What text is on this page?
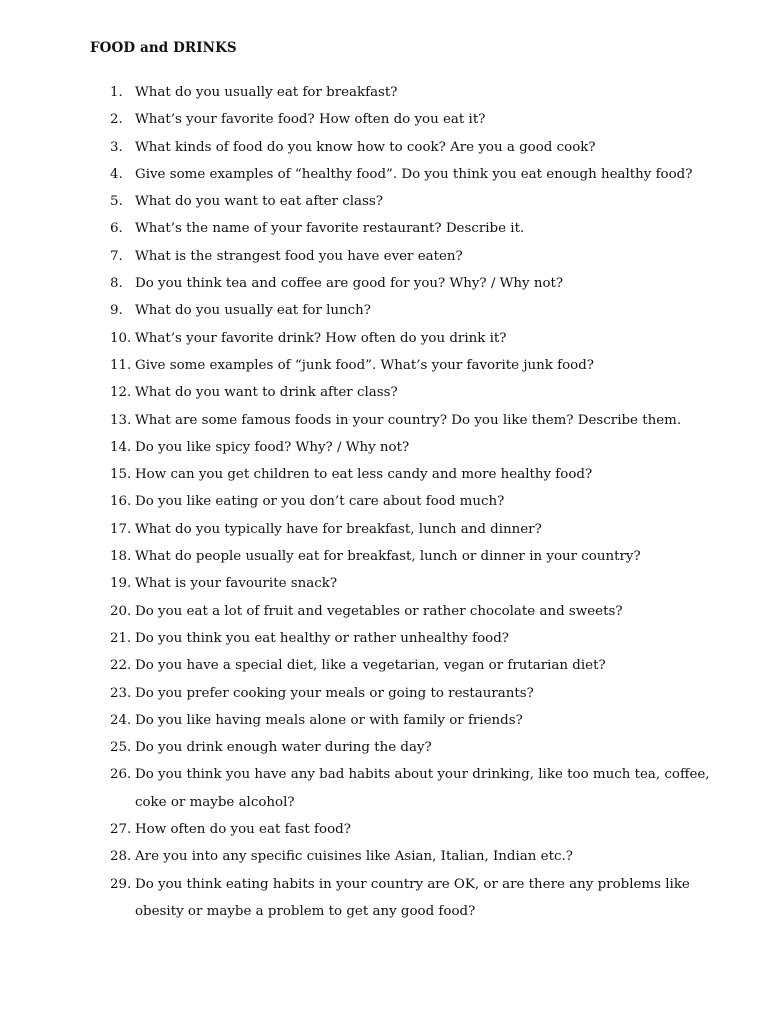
FOOD and DRINKS
1. What do you usually eat for breakfast?
2. What’s your favorite food? How often do you eat it?
3. What kinds of food do you know how to cook? Are you a good cook?
4. Give some examples of “healthy food”. Do you think you eat enough healthy food?
5. What do you want to eat after class?
6. What’s the name of your favorite restaurant? Describe it.
7. What is the strangest food you have ever eaten?
8. Do you think tea and coffee are good for you? Why? / Why not?
9. What do you usually eat for lunch?
10. What’s your favorite drink? How often do you drink it?
11. Give some examples of “junk food”. What’s your favorite junk food?
12. What do you want to drink after class?
13. What are some famous foods in your country? Do you like them? Describe them.
14. Do you like spicy food? Why? / Why not?
15. How can you get children to eat less candy and more healthy food?
16. Do you like eating or you don’t care about food much?
17. What do you typically have for breakfast, lunch and dinner?
18. What do people usually eat for breakfast, lunch or dinner in your country?
19. What is your favourite snack?
20. Do you eat a lot of fruit and vegetables or rather chocolate and sweets?
21. Do you think you eat healthy or rather unhealthy food?
22. Do you have a special diet, like a vegetarian, vegan or frutarian diet?
23. Do you prefer cooking your meals or going to restaurants?
24. Do you like having meals alone or with family or friends?
25. Do you drink enough water during the day?
26. Do you think you have any bad habits about your drinking, like too much tea, coffee, coke or maybe alcohol?
27. How often do you eat fast food?
28. Are you into any specific cuisines like Asian, Italian, Indian etc.?
29. Do you think eating habits in your country are OK, or are there any problems like obesity or maybe a problem to get any good food?
